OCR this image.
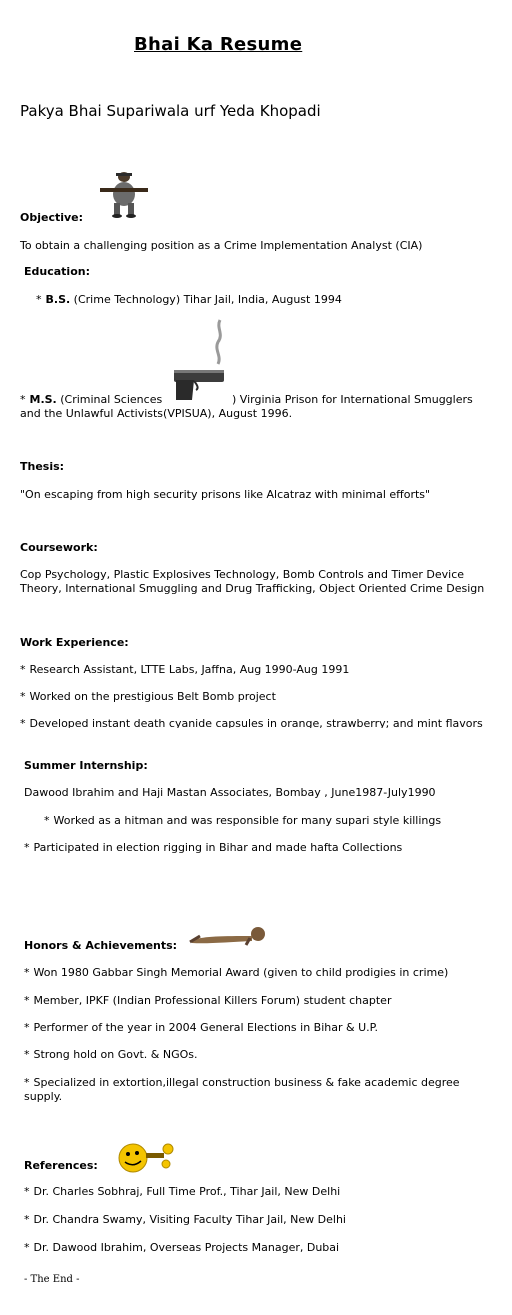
Bhai Ka Resume
Pakya Bhai Supariwala urf Yeda Khopadi
Objective:
To obtain a challenging position as a Crime Implementation Analyst (CIA)
Education:
* B.S. (Crime Technology) Tihar Jail, India, August 1994
* M.S. (Criminal Sciences	) Virginia Prison for International Smugglers
and the Unlawful Activists(VPISUA), August 1996.
Thesis:
"On escaping from high security prisons like Alcatraz with minimal efforts"
Coursework:
Cop Psychology, Plastic Explosives Technology, Bomb Controls and Timer Device
Theory, International Smuggling and Drug Trafficking, Object Oriented Crime Design
Work Experience:
* Research Assistant, LTTE Labs, Jaffna, Aug 1990-Aug 1991
* Worked on the prestigious Belt Bomb project
* Developed instant death cyanide capsules in orange, strawberry; and mint flavors
Summer Internship:
Dawood Ibrahim and Haji Mastan Associates, Bombay , June1987-July1990
* Worked as a hitman and was responsible for many supari style killings
* Participated in election rigging in Bihar and made hafta Collections
Honors & Achievements:
* Won 1980 Gabbar Singh Memorial Award (given to child prodigies in crime)
* Member, IPKF (Indian Professional Killers Forum) student chapter
* Performer of the year in 2004 General Elections in Bihar & U.P.
* Strong hold on Govt. & NGOs.
* Specialized in extortion,illegal construction business & fake academic degree supply.
References:
* Dr. Charles Sobhraj, Full Time Prof., Tihar Jail, New Delhi
* Dr. Chandra Swamy, Visiting Faculty Tihar Jail, New Delhi
* Dr. Dawood Ibrahim, Overseas Projects Manager, Dubai
- The End -
